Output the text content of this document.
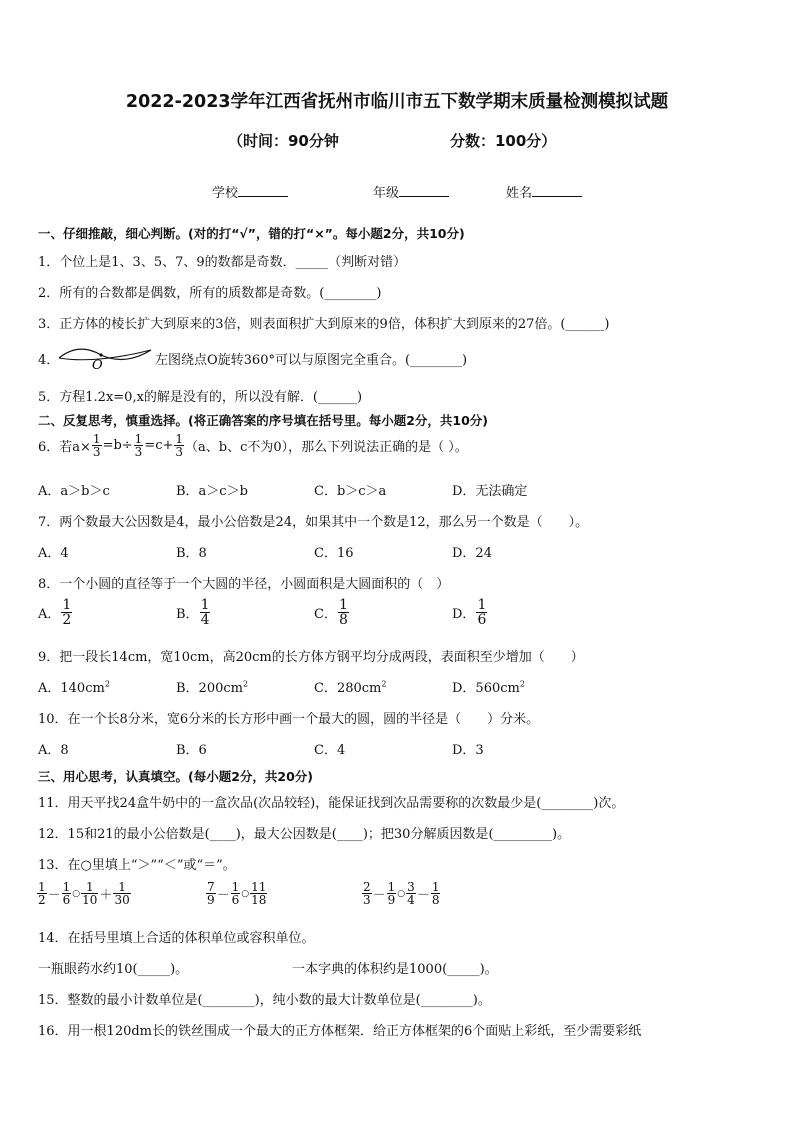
2022-2023学年江西省抚州市临川市五下数学期末质量检测模拟试题
（时间：90分钟	分数：100分）
学校	年级	姓名
一、仔细推敲，细心判断。(对的打“√”，错的打“×”。每小题2分，共10分)
1．个位上是1、3、5、7、9的数都是奇数．_____（判断对错）
2．所有的合数都是偶数，所有的质数都是奇数。(________)
3．正方体的棱长扩大到原来的3倍，则表面积扩大到原来的9倍，体积扩大到原来的27倍。(______)
4．	O	左图绕点O旋转360°可以与原图完全重合。(________)
5．方程1.2x=0,x的解是没有的，所以没有解．(______)
二、反复思考，慎重选择。(将正确答案的序号填在括号里。每小题2分，共10分)
6．若$a\times \frac{1}{3} =b\div \frac{1}{3} =c+ \frac{1}{3} (a$、b、c不为0），那么下列说法正确的是（ ）。
A．a＞b＞c	B．a＞c＞b	C．b＞c＞a	D．无法确定
7．两个数最大公因数是4，最小公倍数是24，如果其中一个数是12，那么另一个数是（　　）。
A．4	B．8	C．16	D．24
8．一个小圆的直径等于一个大圆的半径，小圆面积是大圆面积的（　）
A． $\frac{1}{2}$	B． $\frac{1}{4}$	C． $\frac{1}{8}$	D． $\frac{1}{6}$
9．把一段长14cm，宽10cm，高20cm的长方体方钢平均分成两段，表面积至少增加（　　）
A．$140cm^2$	B．$200cm^2$	C．$280cm^2$	D．$560cm^2$
10．在一个长8分米，宽6分米的长方形中画一个最大的圆，圆的半径是（　　）分米。
A．8	B．6	C．4	D．3
三、用心思考，认真填空。(每小题2分，共20分)
11．用天平找24盒牛奶中的一盒次品(次品较轻)，能保证找到次品需要称的次数最少是(________)次。
12．15和21的最小公倍数是(____)，最大公因数是(____)；把30分解质因数是(_________)。
13．在○里填上“＞”“＜”或“＝”。
$\frac{1}{2} - \frac{1}{6}$ ○ $\frac{1}{10} + \frac{1}{30}$	$\frac{7}{9} - \frac{1}{6}$ ○ $\frac{11}{18}$	$\frac{2}{3} - \frac{1}{9}$ ○ $\frac{3}{4} - \frac{1}{8}$
14．在括号里填上合适的体积单位或容积单位。
一瓶眼药水约10(_____)。	一本字典的体积约是1000(_____)。
15．整数的最小计数单位是(________)，纯小数的最大计数单位是(________)。
16．用一根120dm长的铁丝围成一个最大的正方体框架．给正方体框架的6个面贴上彩纸，至少需要彩纸
